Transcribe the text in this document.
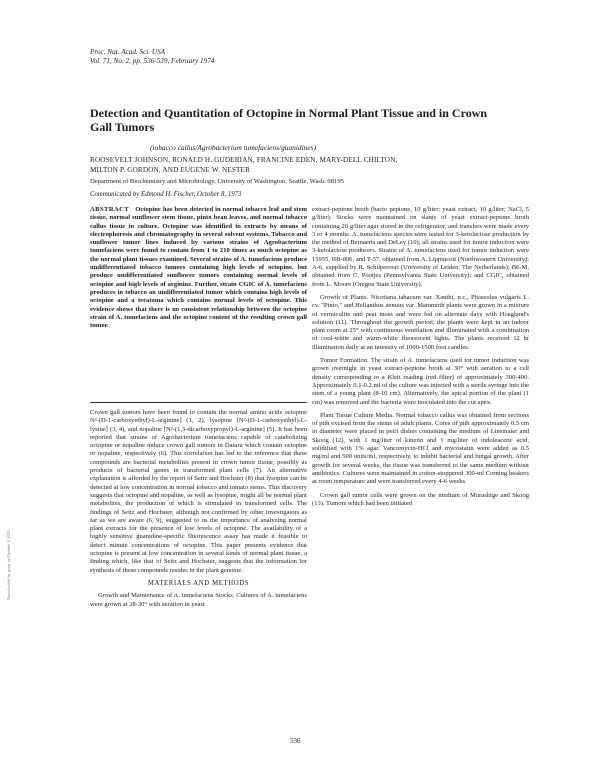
Proc. Nat. Acad. Sci. USA
Vol. 71, No. 2, pp. 536-539, February 1974
Detection and Quantitation of Octopine in Normal Plant Tissue and in Crown Gall Tumors
(tobacco callus/Agrobacterium tumefaciens/guanidines)
ROOSEVELT JOHNSON, RONALD H. GUDERIAN, FRANCINE EDEN, MARY-DELL CHILTON,
MILTON P. GORDON, AND EUGENE W. NESTER
Department of Biochemistry and Microbiology, University of Washington, Seattle, Wash. 98195
Communicated by Edmond H. Fischer, October 8, 1973
ABSTRACT Octopine has been detected in normal tobacco leaf and stem tissue, normal sunflower stem tissue, pinto bean leaves, and normal tobacco callus tissue in culture. Octopine was identified in extracts by means of electrophoresis and chromatography in several solvent systems. Tobacco and sunflower tumor lines induced by various strains of Agrobacterium tumefaciens were found to contain from 1 to 210 times as much octopine as the normal plant tissues examined. Several strains of A. tumefaciens produce undifferentiated tobacco tumors containing high levels of octopine, but produce undifferentiated sunflower tumors containing normal levels of octopine and high levels of arginine. Further, strain CGIC of A. tumefaciens produces in tobacco an undifferentiated tumor which contains high levels of octopine and a teratoma which contains normal levels of octopine. This evidence shows that there is no consistent relationship between the octopine strain of A. tumefaciens and the octopine content of the resulting crown gall tumor.

Crown gall tumors have been found to contain the normal amino acids octopine N²-(D-1-carboxyethyl)-L-arginine] (1, 2), lysopine [N²-(D-1-carboxyethyl)-L-lysine] (3, 4), and nopaline [N²-(1,3-dicarboxypropyl)-L-arginine] (5). It has been reported that strains of Agrobacterium tumefaciens capable of catabolizing octopine or nopaline induce crown gall tumors in Datura which contain octopine or nopaline, respectively (6). This correlation has led to the inference that these compounds are bacterial metabolites present in crown tumor tissue, possibly as products of bacterial genes in transformed plant cells (7). An alternative explanation is afforded by the report of Seitz and Hochster (8) that lysopine can be detected at low concentration in normal tobacco and tomato stems. This discovery suggests that octopine and nopaline, as well as lysopine, might all be normal plant metabolites, the production of which is stimulated in transformed cells. The findings of Seitz and Hochster, although not confirmed by other investigators as far as we are aware (6, 9), suggested to us the importance of analyzing normal plant extracts for the presence of low levels of octopine. The availability of a highly sensitive guanidine-specific fluorescence assay has made it feasible to detect minute concentrations of octopine. This paper presents evidence that octopine is present at low concentration in several kinds of normal plant tissue, a finding which, like that of Seitz and Hochster, suggests that the information for synthesis of these compounds resides in the plant genome.

MATERIALS AND METHODS

Growth and Maintenance of A. tumefaciens Stocks. Cultures of A. tumefaciens were grown at 28-30° with aeration in yeast

extract-peptone broth (bacto peptone, 10 g/liter; yeast extract, 10 g/liter; NaCl, 5 g/liter). Stocks were maintained on slants of yeast extract-peptone broth containing 20 g/liter agar stored in the refrigerator, and transfers were made every 3 or 4 months. A. tumefaciens species were tested for 3-ketolactose production by the method of Bernaerts and DeLey (10); all strains used for tumor induction were 3-ketolactose producers. Strains of A. tumefaciens used for tumor induction were 15955, IIB-806, and T-37, obtained from A. Lippincott (Northwestern University); A-6, supplied by R. Schilperoort (University of Leiden, The Netherlands); B6-M, obtained from C. Pootjes (Pennsylvania State University); and CGIC, obtained from L. Moore (Oregon State University).

Growth of Plants. Nicotiana tabacum var. Xanthi, n.c., Phaseolus vulgaris L. cv. "Pinto," and Helianthus annuus var. Mammoth plants were grown in a mixture of vermiculite and peat moss and were fed on alternate days with Hoagland's solution (11). Throughout the growth period, the plants were kept in an indoor plant room at 25° with continuous ventilation and illuminated with a combination of cool-white and warm-white fluorescent lights. The plants received 12 hr illumination daily at an intensity of 1000-1500 foot candles.

Tumor Formation. The strain of A. tumefaciens used for tumor induction was grown overnight in yeast extract-peptone broth at 30° with aeration to a cell density corresponding to a Klett reading (red filter) of approximately 300-400. Approximately 0.1-0.2 ml of the culture was injected with a sterile syringe into the stem of a young plant (8-10 cm). Alternatively, the apical portion of the plant (1 cm) was removed and the bacteria were inoculated into the cut apex.

Plant Tissue Culture Media. Normal tobacco callus was obtained from sections of pith excised from the stems of adult plants. Cores of pith approximately 0.5 cm in diameter were placed in petri dishes containing the medium of Linsmaier and Skoog (12), with 1 mg/liter of kinetin and 1 mg/liter of indoleacetic acid, solidified with 1% agar. Vancomycin-HCl and mycostatin were added as 0.5 mg/ml and 500 units/ml, respectively, to inhibit bacterial and fungal growth. After growth for several weeks, the tissue was transferred to the same medium without antibiotics. Cultures were maintained in cotton-stoppered 300-ml Corning beakers at room temperature and were transferred every 4-6 weeks.

Crown gall tumor cells were grown on the medium of Murashige and Skoog (13). Tumors which had been initiated

536
Downloaded by guest on October 1, 2021
